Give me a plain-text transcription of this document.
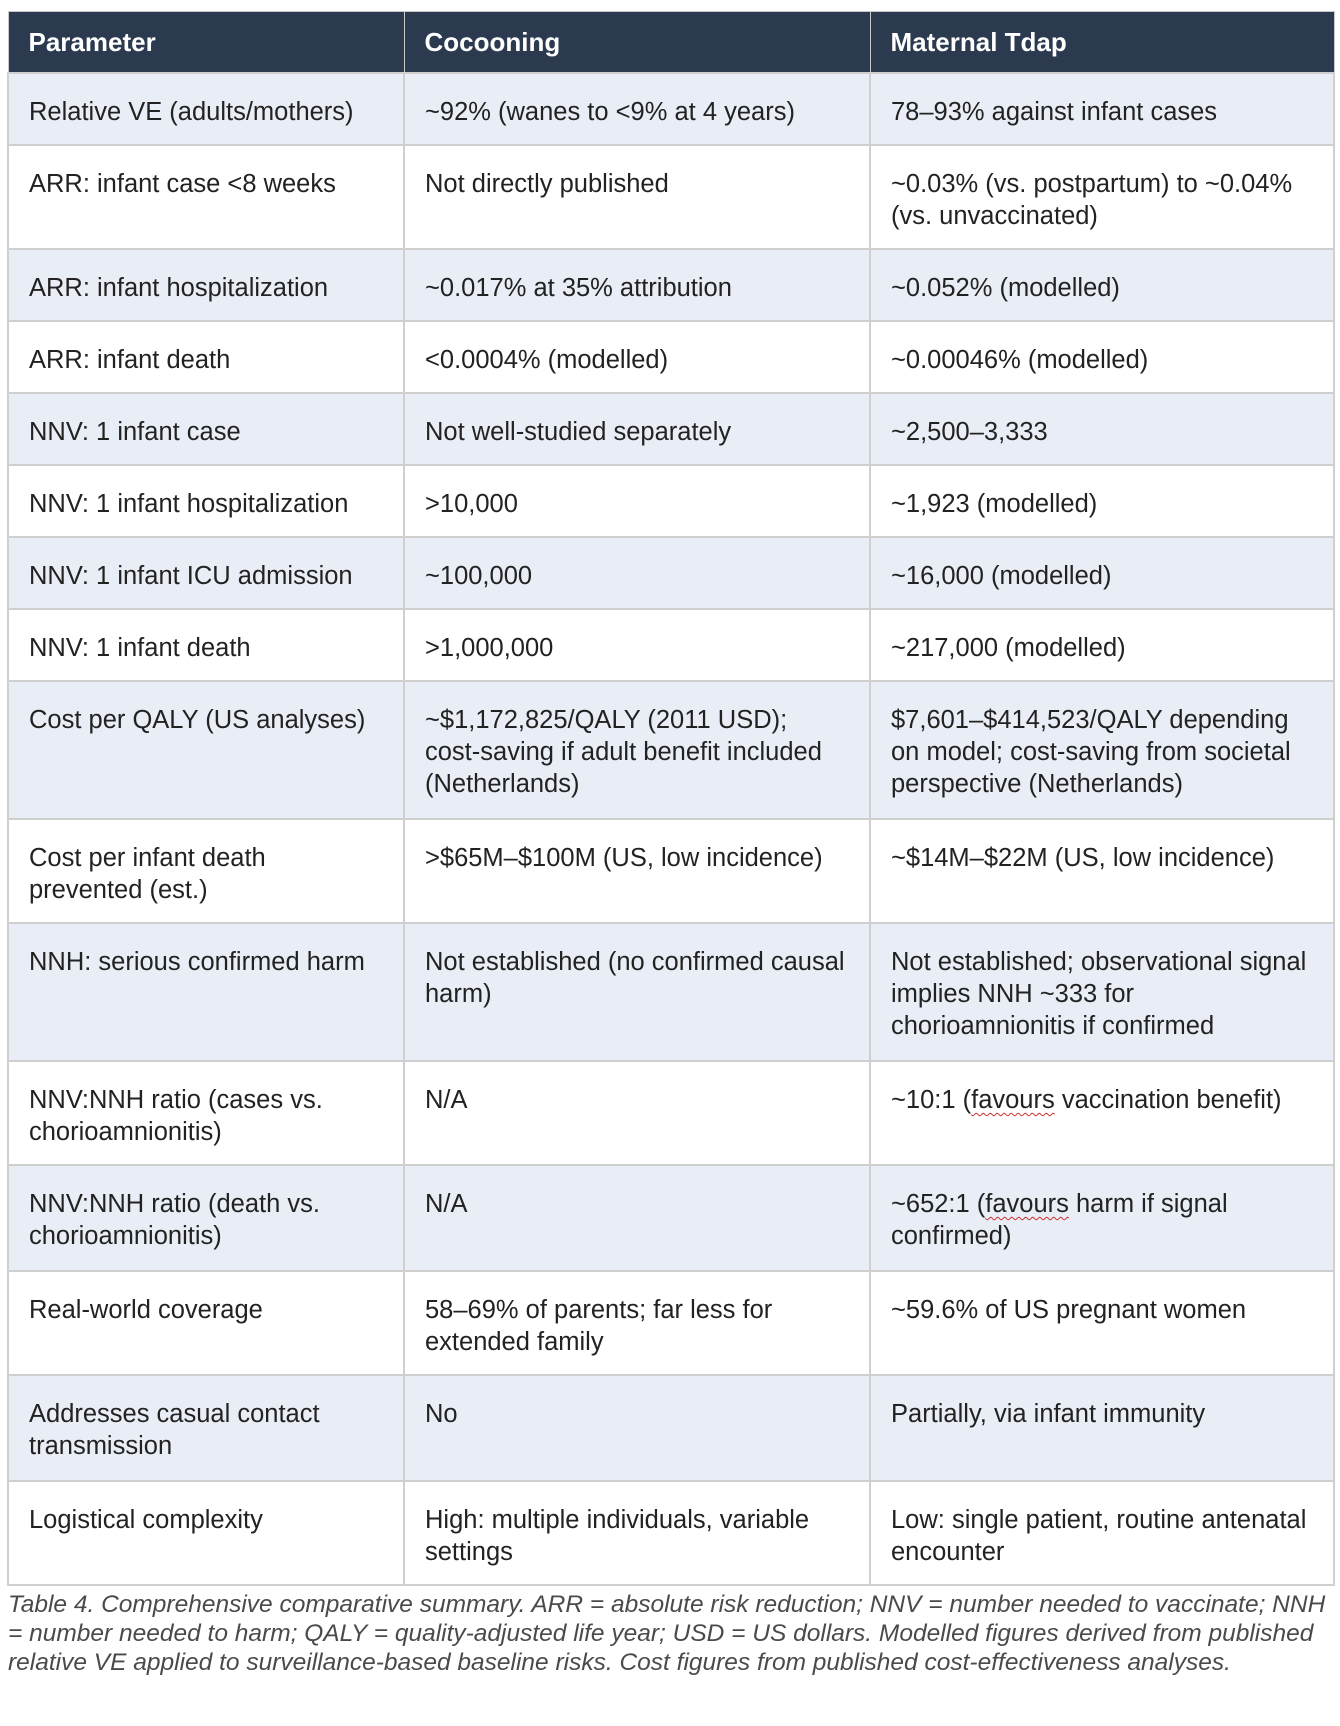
Parameter	Cocooning	Maternal Tdap
Relative VE (adults/mothers)	~92% (wanes to <9% at 4 years)	78–93% against infant cases
ARR: infant case <8 weeks	Not directly published	~0.03% (vs. postpartum) to ~0.04% (vs. unvaccinated)
ARR: infant hospitalization	~0.017% at 35% attribution	~0.052% (modelled)
ARR: infant death	<0.0004% (modelled)	~0.00046% (modelled)
NNV: 1 infant case	Not well-studied separately	~2,500–3,333
NNV: 1 infant hospitalization	>10,000	~1,923 (modelled)
NNV: 1 infant ICU admission	~100,000	~16,000 (modelled)
NNV: 1 infant death	>1,000,000	~217,000 (modelled)
Cost per QALY (US analyses)	~$1,172,825/QALY (2011 USD); cost-saving if adult benefit included (Netherlands)	$7,601–$414,523/QALY depending on model; cost-saving from societal perspective (Netherlands)
Cost per infant death prevented (est.)	>$65M–$100M (US, low incidence)	~$14M–$22M (US, low incidence)
NNH: serious confirmed harm	Not established (no confirmed causal harm)	Not established; observational signal implies NNH ~333 for chorioamnionitis if confirmed
NNV:NNH ratio (cases vs. chorioamnionitis)	N/A	~10:1 (favours vaccination benefit)
NNV:NNH ratio (death vs. chorioamnionitis)	N/A	~652:1 (favours harm if signal confirmed)
Real-world coverage	58–69% of parents; far less for extended family	~59.6% of US pregnant women
Addresses casual contact transmission	No	Partially, via infant immunity
Logistical complexity	High: multiple individuals, variable settings	Low: single patient, routine antenatal encounter
Table 4. Comprehensive comparative summary. ARR = absolute risk reduction; NNV = number needed to vaccinate; NNH = number needed to harm; QALY = quality-adjusted life year; USD = US dollars. Modelled figures derived from published relative VE applied to surveillance-based baseline risks. Cost figures from published cost-effectiveness analyses.
